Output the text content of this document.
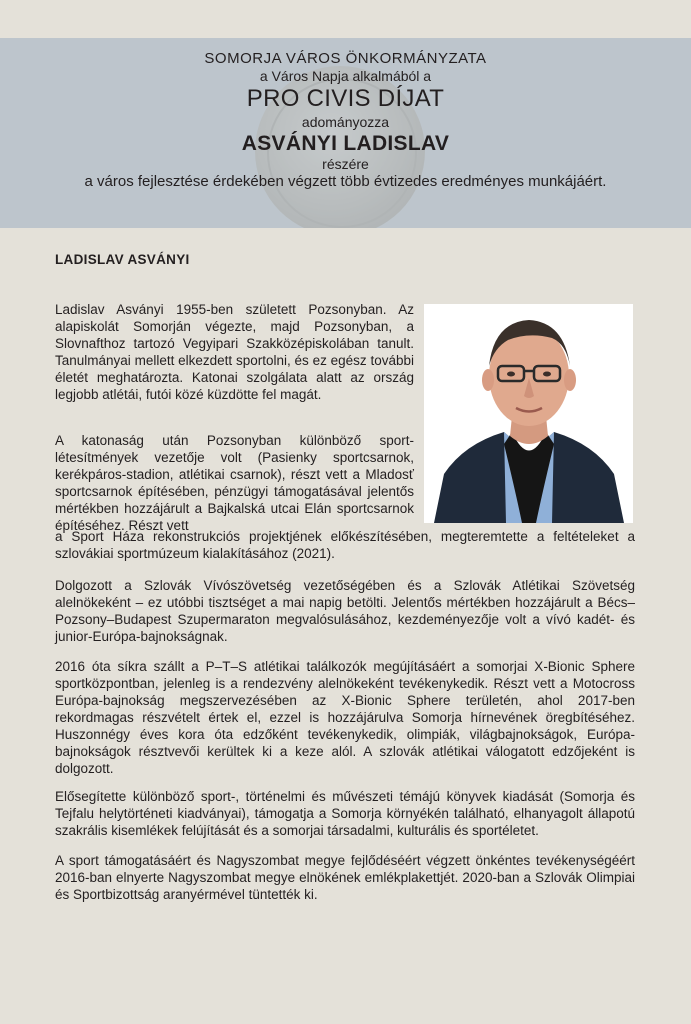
SOMORJA VÁROS ÖNKORMÁNYZATA
a Város Napja alkalmából a
PRO CIVIS DÍJAT
adományozza
ASVÁNYI LADISLAV
részére
a város fejlesztése érdekében végzett több évtizedes eredményes munkájáért.
LADISLAV ASVÁNYI

Ladislav Asványi 1955-ben született Pozsonyban. Az alapiskolát Somorján végezte, majd Pozsonyban, a Slovnafthoz tartozó Vegyipari Szakközépiskolában tanult. Tanulmányai mellett elkezdett sportolni, és ez egész további életét meghatározta. Katonai szolgálata alatt az ország legjobb atlétái, futói közé küzdötte fel magát.

A katonaság után Pozsonyban különböző sport-létesítmények vezetője volt (Pasienky sportcsarnok, kerékpáros-stadion, atlétikai csarnok), részt vett a Mladosť sportcsarnok építésében, pénzügyi támogatásával jelentős mértékben hozzájárult a Bajkalská utcai Elán sportcsarnok építéséhez. Részt vett

a Sport Háza rekonstrukciós projektjének előkészítésében, megteremtette a feltételeket a szlovákiai sportmúzeum kialakításához (2021).

Dolgozott a Szlovák Vívószövetség vezetőségében és a Szlovák Atlétikai Szövetség alelnökeként – ez utóbbi tisztséget a mai napig betölti. Jelentős mértékben hozzájárult a Bécs–Pozsony–Budapest Szupermaraton megvalósulásához, kezdeményezője volt a vívó kadét- és junior-Európa-bajnokságnak.

2016 óta síkra szállt a P–T–S atlétikai találkozók megújításáért a somorjai X-Bionic Sphere sportközpontban, jelenleg is a rendezvény alelnökeként tevékenykedik. Részt vett a Motocross Európa-bajnokság megszervezésében az X-Bionic Sphere területén, ahol 2017-ben rekordmagas részvételt értek el, ezzel is hozzájárulva Somorja hírnevének öregbítéséhez. Huszonnégy éves kora óta edzőként tevékenykedik, olimpiák, világbajnokságok, Európa-bajnokságok résztvevői kerültek ki a keze alól. A szlovák atlétikai válogatott edzőjeként is dolgozott.

Elősegítette különböző sport-, történelmi és művészeti témájú könyvek kiadását (Somorja és Tejfalu helytörténeti kiadványai), támogatja a Somorja környékén található, elhanyagolt állapotú szakrális kisemlékek felújítását és a somorjai társadalmi, kulturális és sportéletet.

A sport támogatásáért és Nagyszombat megye fejlődéséért végzett önkéntes tevékenységéért 2016-ban elnyerte Nagyszombat megye elnökének emlékplakettjét. 2020-ban a Szlovák Olimpiai és Sportbizottság aranyérmével tüntették ki.
